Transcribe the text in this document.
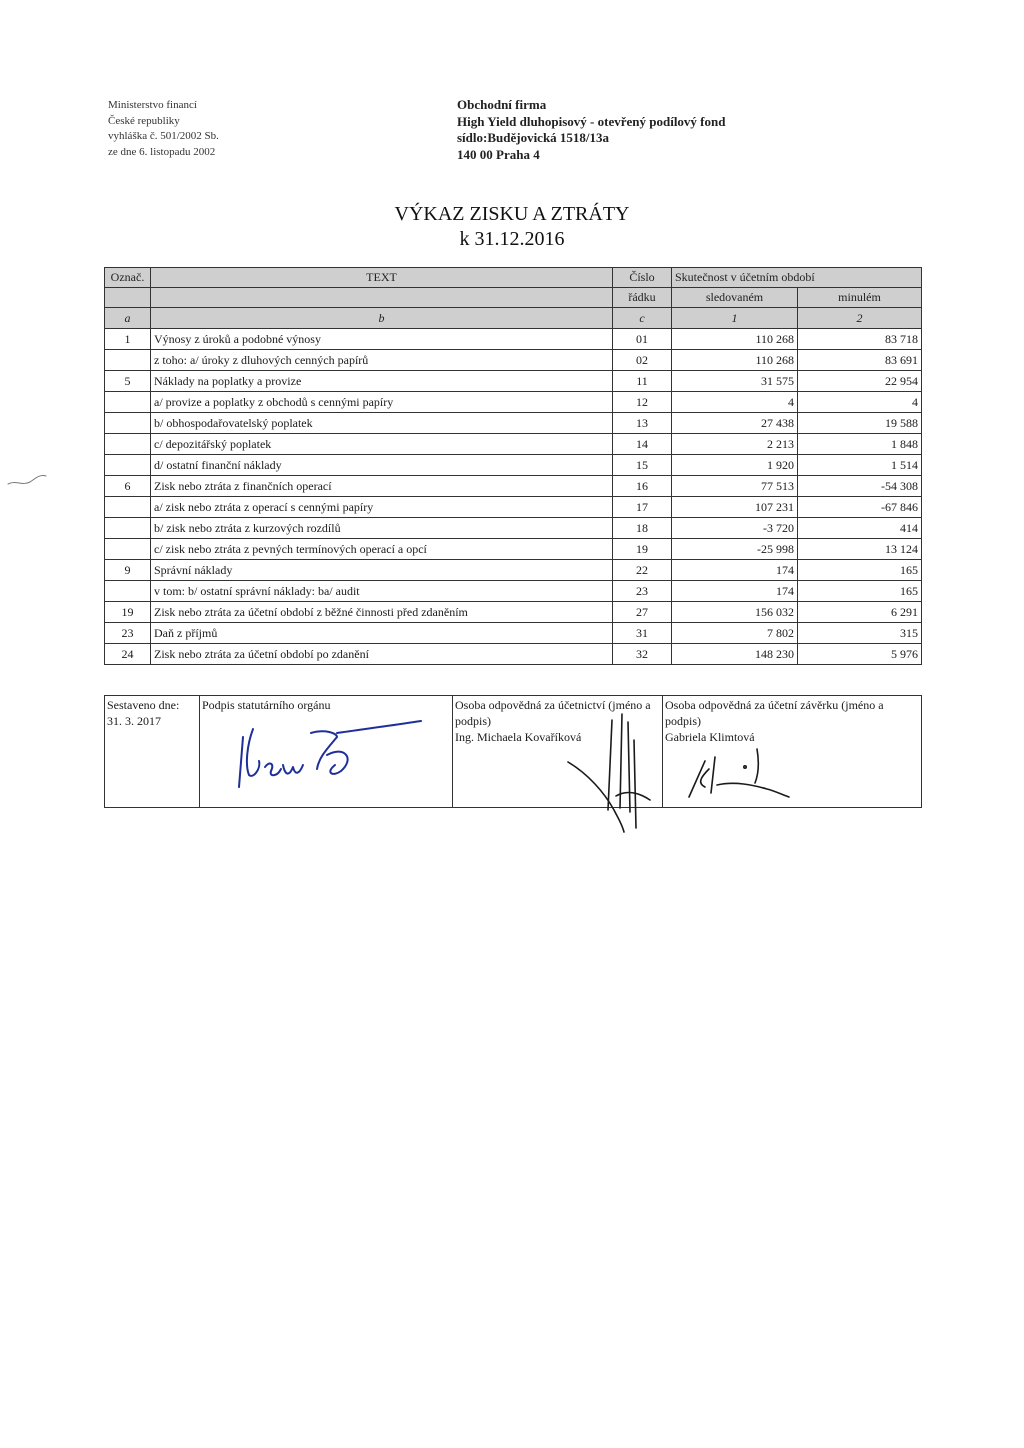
Ministerstvo financí
České republiky
vyhláška č. 501/2002 Sb.
ze dne 6. listopadu 2002
Obchodní firma
High Yield dluhopisový - otevřený podílový fond
sídlo:Budějovická 1518/13a
140 00 Praha 4
VÝKAZ ZISKU A ZTRÁTY
k 31.12.2016
Označ.	TEXT	Číslo	Skutečnost v účetním období	
		řádku	sledovaném	minulém
a	b	c	1	2
1	Výnosy z úroků a podobné výnosy	01	110 268	83 718
	z toho: a/ úroky z dluhových cenných papírů	02	110 268	83 691
5	Náklady na poplatky a provize	11	31 575	22 954
	a/ provize a poplatky z obchodů s cennými papíry	12	4	4
	b/ obhospodařovatelský poplatek	13	27 438	19 588
	c/ depozitářský poplatek	14	2 213	1 848
	d/ ostatní finanční náklady	15	1 920	1 514
6	Zisk nebo ztráta z finančních operací	16	77 513	-54 308
	a/ zisk nebo ztráta z operací s cennými papíry	17	107 231	-67 846
	b/ zisk nebo ztráta z kurzových rozdílů	18	-3 720	414
	c/ zisk nebo ztráta z pevných termínových operací a opcí	19	-25 998	13 124
9	Správní náklady	22	174	165
	v tom: b/ ostatní správní náklady: ba/ audit	23	174	165
19	Zisk nebo ztráta za účetní období z běžné činnosti před zdaněním	27	156 032	6 291
23	Daň z příjmů	31	7 802	315
24	Zisk nebo ztráta za účetní období po zdanění	32	148 230	5 976
Sestaveno dne:
31. 3. 2017

Podpis statutárního orgánu	Osoba odpovědná za účetnictví (jméno a podpis)
Ing. Michaela Kovaříková

Osoba odpovědná za účetní závěrku (jméno a podpis)
Gabriela Klimtová
